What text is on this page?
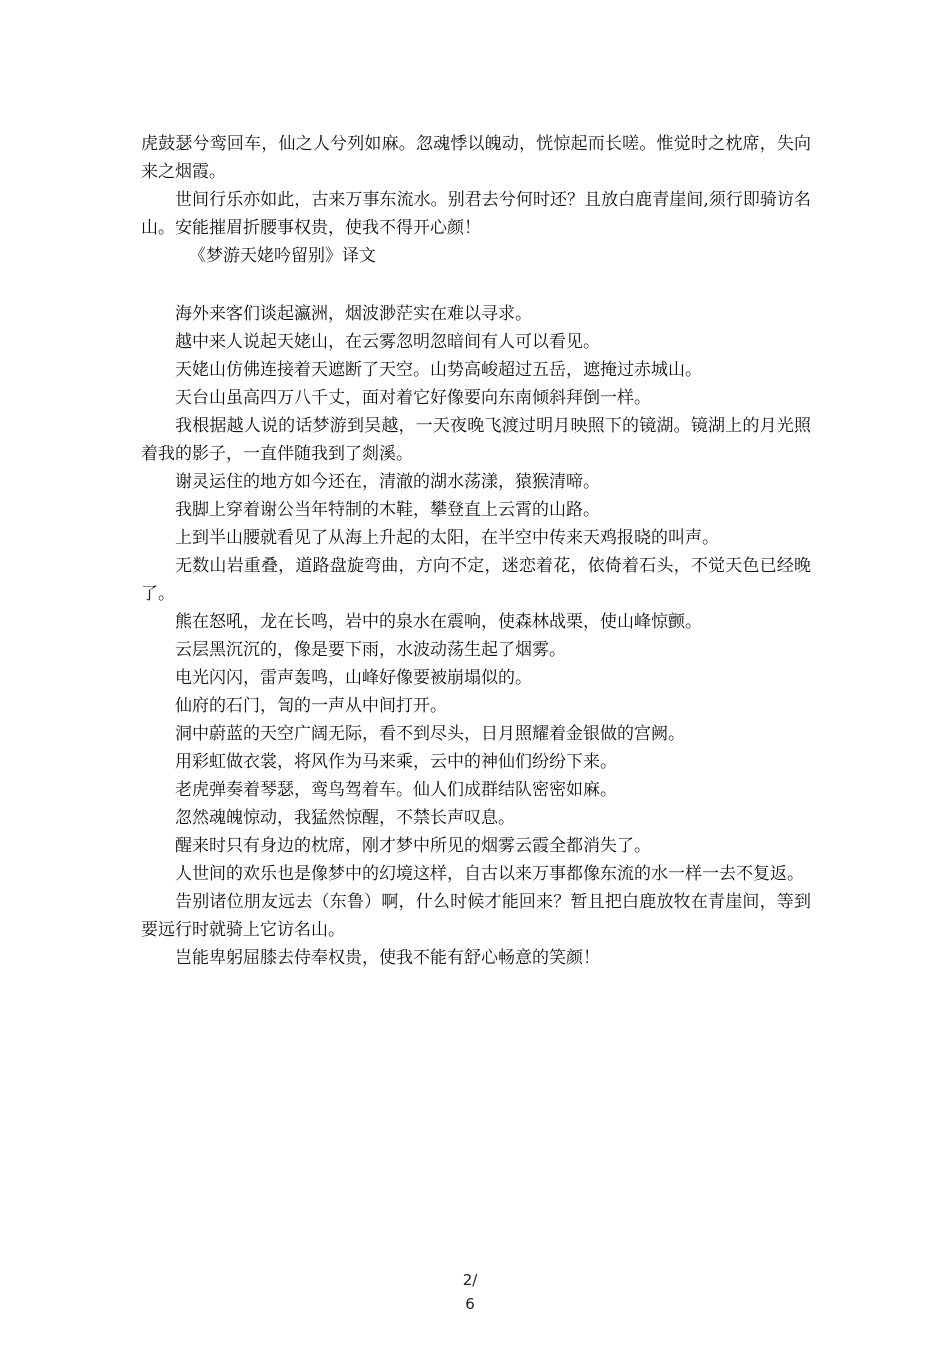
虎鼓瑟兮鸾回车，仙之人兮列如麻。忽魂悸以魄动，恍惊起而长嗟。惟觉时之枕席，失向来之烟霞。

世间行乐亦如此，古来万事东流水。别君去兮何时还？且放白鹿青崖间,须行即骑访名山。安能摧眉折腰事权贵，使我不得开心颜！

《梦游天姥吟留别》译文

海外来客们谈起瀛洲，烟波渺茫实在难以寻求。

越中来人说起天姥山，在云雾忽明忽暗间有人可以看见。

天姥山仿佛连接着天遮断了天空。山势高峻超过五岳，遮掩过赤城山。

天台山虽高四万八千丈，面对着它好像要向东南倾斜拜倒一样。

我根据越人说的话梦游到吴越，一天夜晚飞渡过明月映照下的镜湖。镜湖上的月光照着我的影子，一直伴随我到了剡溪。

谢灵运住的地方如今还在，清澈的湖水荡漾，猿猴清啼。

我脚上穿着谢公当年特制的木鞋，攀登直上云霄的山路。

上到半山腰就看见了从海上升起的太阳，在半空中传来天鸡报晓的叫声。

无数山岩重叠，道路盘旋弯曲，方向不定，迷恋着花，依倚着石头，不觉天色已经晚了。

熊在怒吼，龙在长鸣，岩中的泉水在震响，使森林战栗，使山峰惊颤。

云层黑沉沉的，像是要下雨，水波动荡生起了烟雾。

电光闪闪，雷声轰鸣，山峰好像要被崩塌似的。

仙府的石门，訇的一声从中间打开。

洞中蔚蓝的天空广阔无际，看不到尽头，日月照耀着金银做的宫阙。

用彩虹做衣裳，将风作为马来乘，云中的神仙们纷纷下来。

老虎弹奏着琴瑟，鸾鸟驾着车。仙人们成群结队密密如麻。

忽然魂魄惊动，我猛然惊醒，不禁长声叹息。

醒来时只有身边的枕席，刚才梦中所见的烟雾云霞全都消失了。

人世间的欢乐也是像梦中的幻境这样，自古以来万事都像东流的水一样一去不复返。

告别诸位朋友远去（东鲁）啊，什么时候才能回来？暂且把白鹿放牧在青崖间，等到要远行时就骑上它访名山。

岂能卑躬屈膝去侍奉权贵，使我不能有舒心畅意的笑颜！

2/
6
